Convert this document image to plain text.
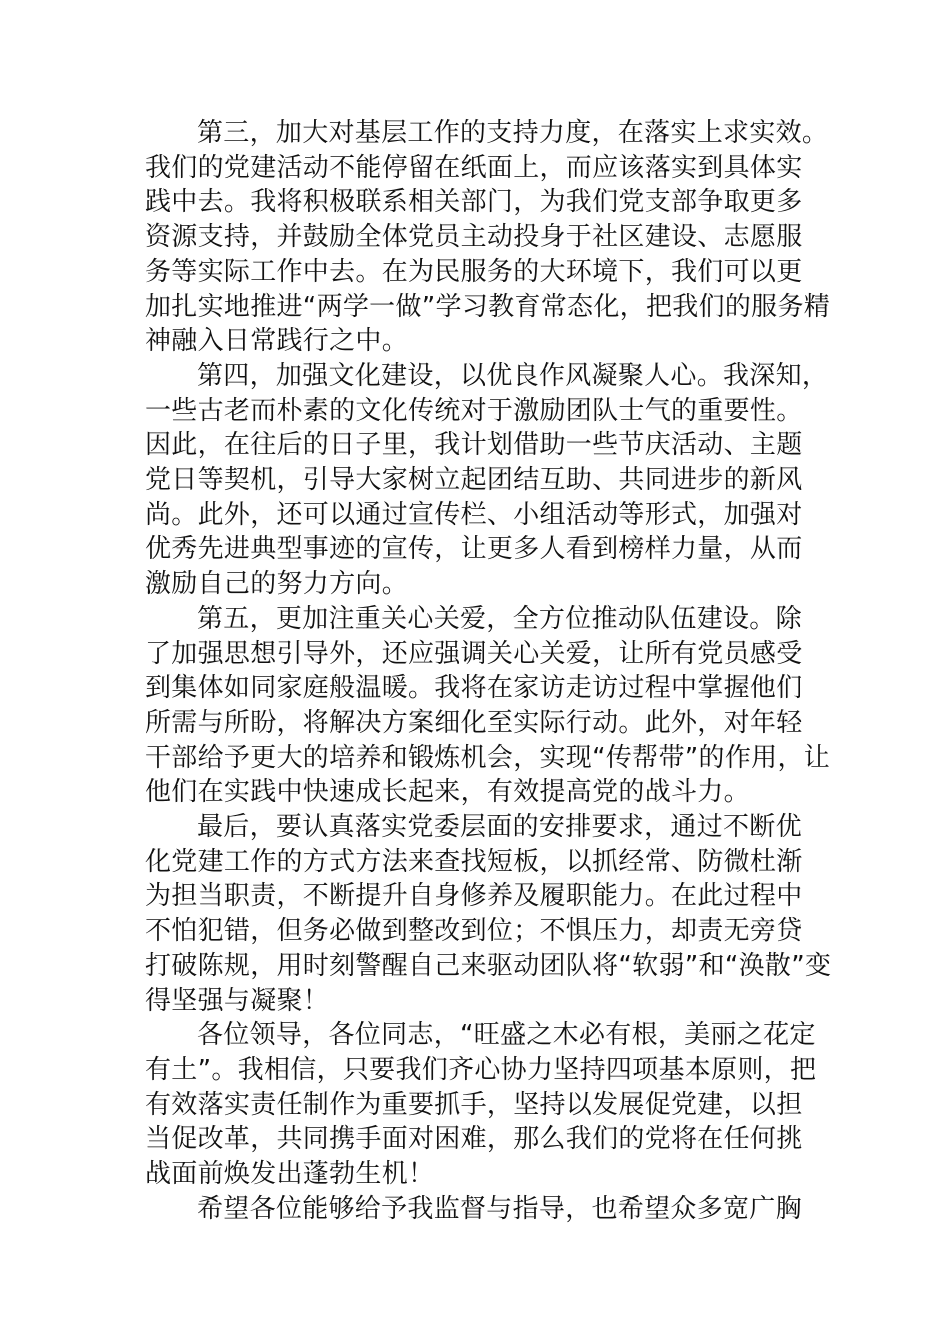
第三，加大对基层工作的支持力度，在落实上求实效。
我们的党建活动不能停留在纸面上，而应该落实到具体实
践中去。我将积极联系相关部门，为我们党支部争取更多
资源支持，并鼓励全体党员主动投身于社区建设、志愿服
务等实际工作中去。在为民服务的大环境下，我们可以更
加扎实地推进“两学一做”学习教育常态化，把我们的服务精
神融入日常践行之中。

第四，加强文化建设，以优良作风凝聚人心。我深知，
一些古老而朴素的文化传统对于激励团队士气的重要性。
因此，在往后的日子里，我计划借助一些节庆活动、主题
党日等契机，引导大家树立起团结互助、共同进步的新风
尚。此外，还可以通过宣传栏、小组活动等形式，加强对
优秀先进典型事迹的宣传，让更多人看到榜样力量，从而
激励自己的努力方向。

第五，更加注重关心关爱，全方位推动队伍建设。除
了加强思想引导外，还应强调关心关爱，让所有党员感受
到集体如同家庭般温暖。我将在家访走访过程中掌握他们
所需与所盼，将解决方案细化至实际行动。此外，对年轻
干部给予更大的培养和锻炼机会，实现“传帮带”的作用，让
他们在实践中快速成长起来，有效提高党的战斗力。

最后，要认真落实党委层面的安排要求，通过不断优
化党建工作的方式方法来查找短板，以抓经常、防微杜渐
为担当职责，不断提升自身修养及履职能力。在此过程中
不怕犯错，但务必做到整改到位；不惧压力，却责无旁贷
打破陈规，用时刻警醒自己来驱动团队将“软弱”和“涣散”变
得坚强与凝聚！

各位领导，各位同志，“旺盛之木必有根，美丽之花定
有土”。我相信，只要我们齐心协力坚持四项基本原则，把
有效落实责任制作为重要抓手，坚持以发展促党建，以担
当促改革，共同携手面对困难，那么我们的党将在任何挑
战面前焕发出蓬勃生机！

希望各位能够给予我监督与指导，也希望众多宽广胸
